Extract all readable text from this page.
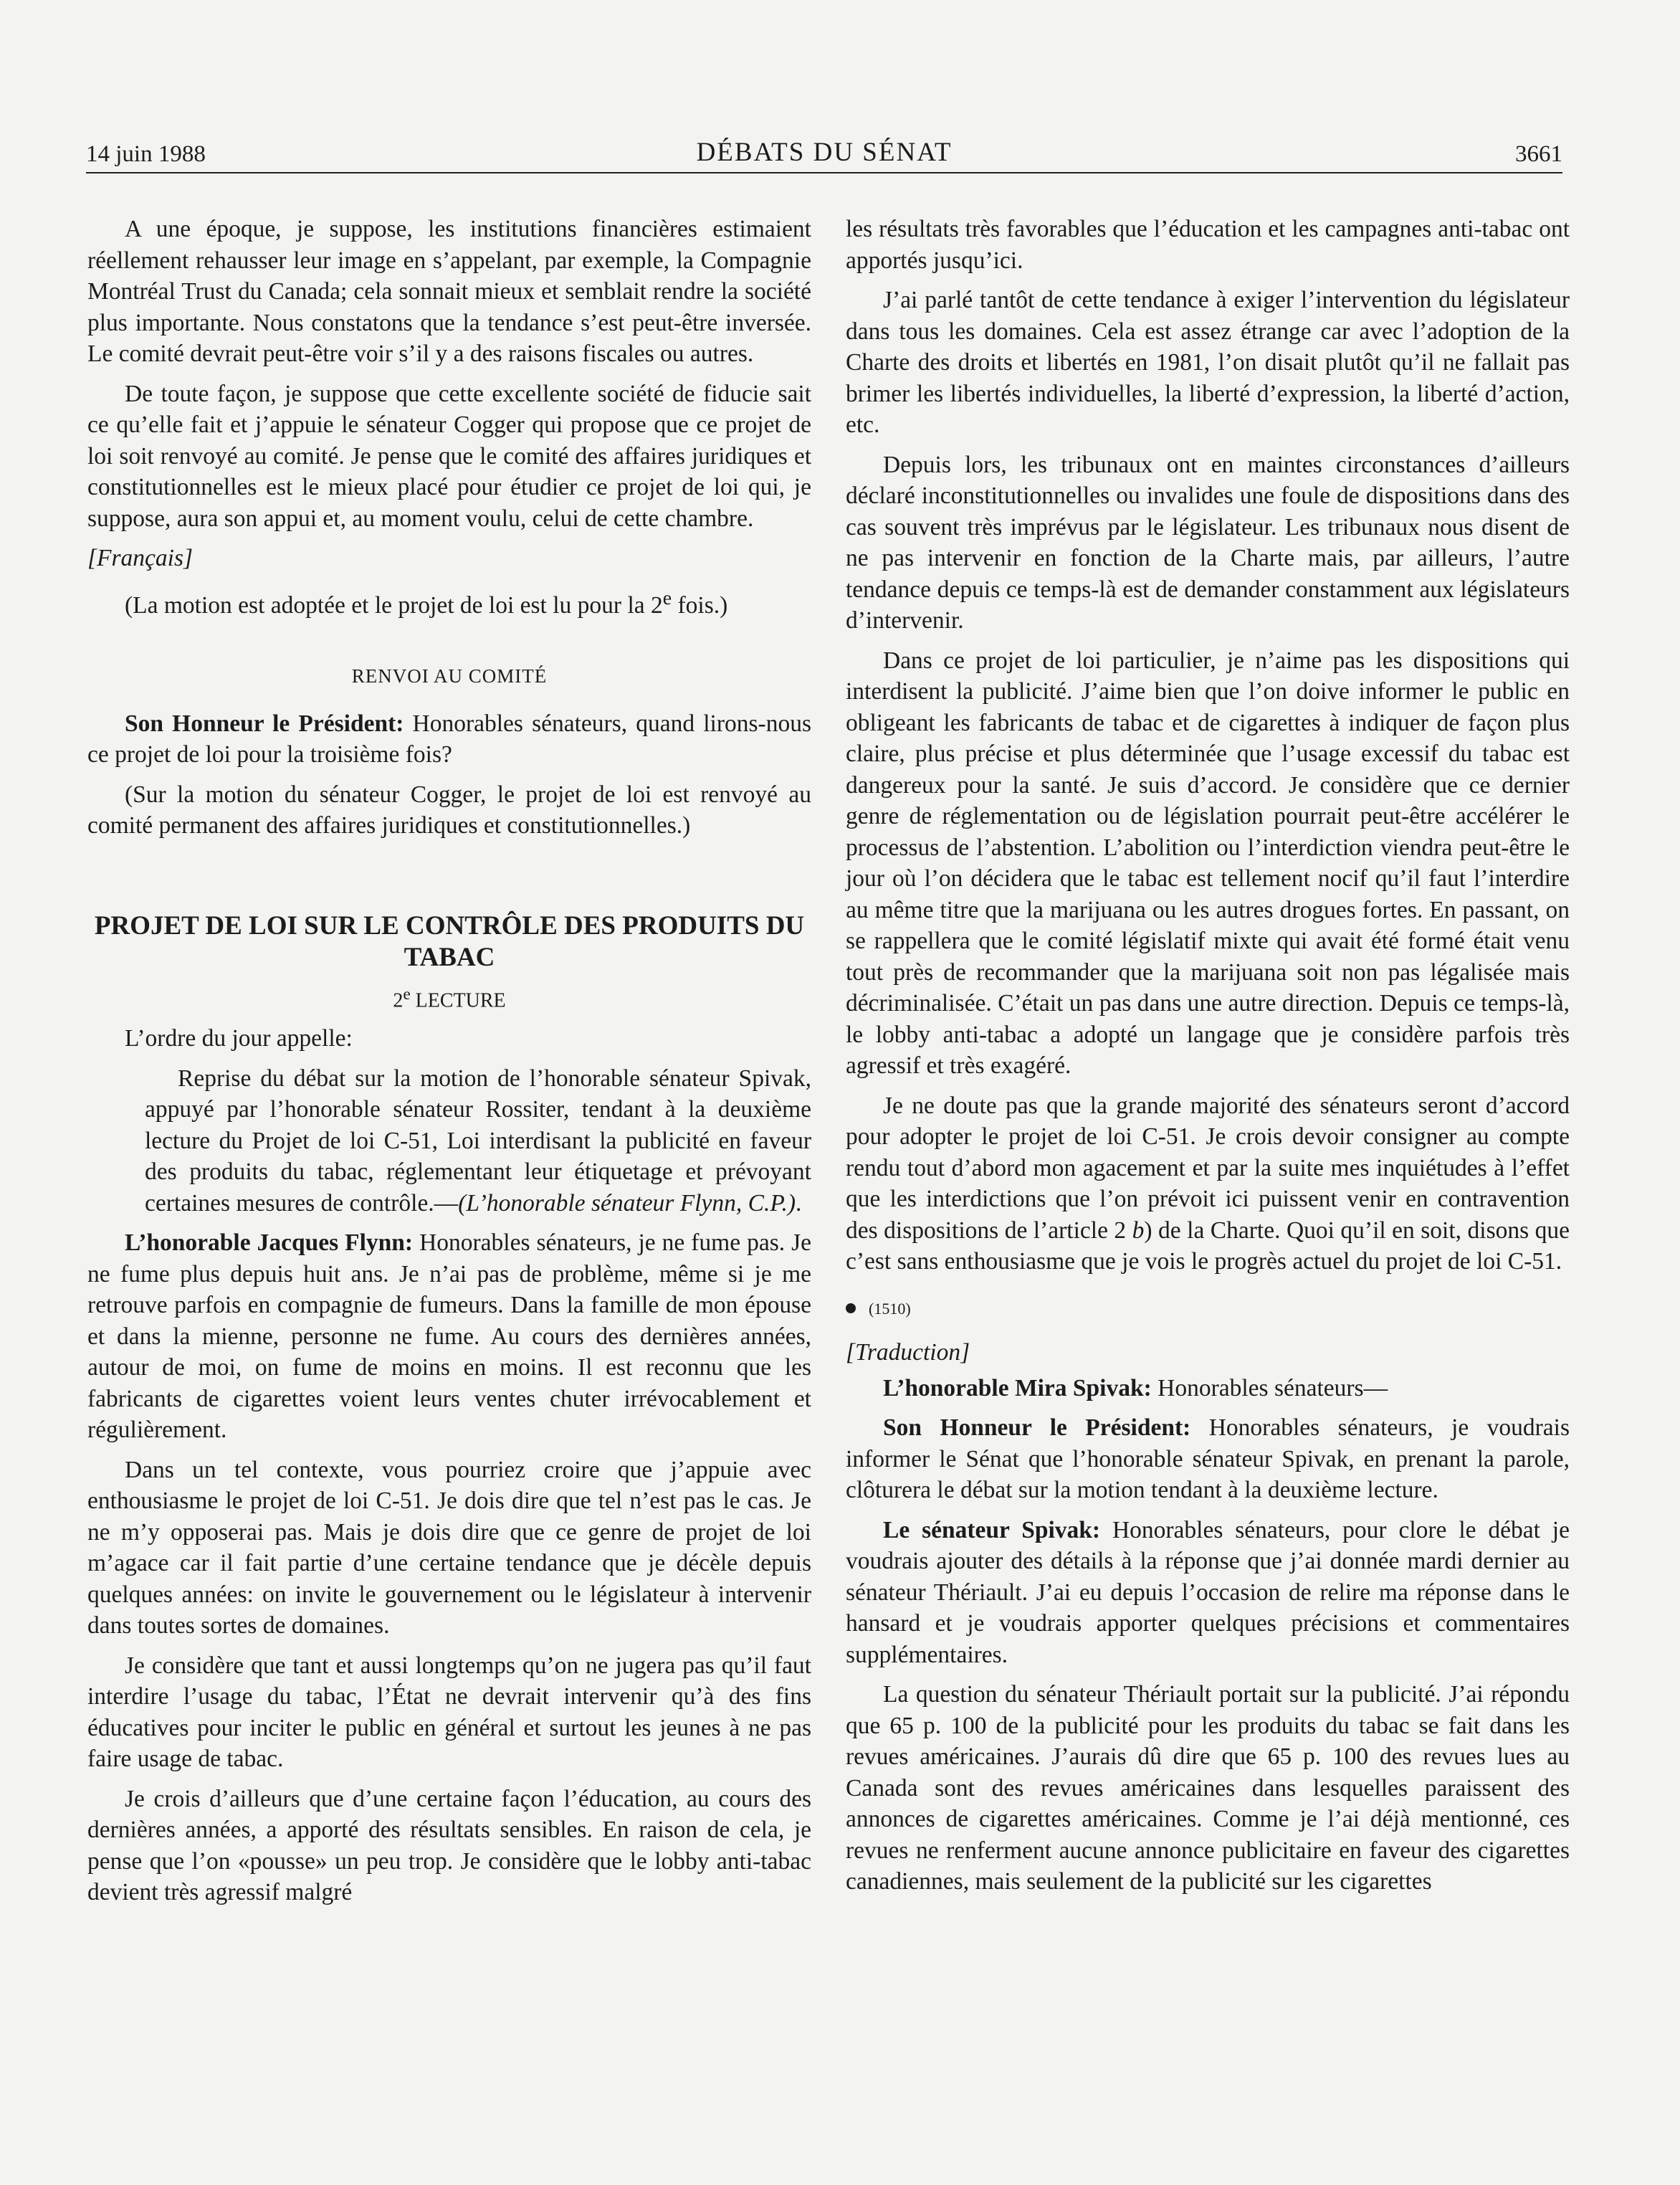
14 juin 1988	DÉBATS DU SÉNAT	3661

A une époque, je suppose, les institutions financières estimaient réellement rehausser leur image en s’appelant, par exemple, la Compagnie Montréal Trust du Canada; cela sonnait mieux et semblait rendre la société plus importante. Nous constatons que la tendance s’est peut-être inversée. Le comité devrait peut-être voir s’il y a des raisons fiscales ou autres.

De toute façon, je suppose que cette excellente société de fiducie sait ce qu’elle fait et j’appuie le sénateur Cogger qui propose que ce projet de loi soit renvoyé au comité. Je pense que le comité des affaires juridiques et constitutionnelles est le mieux placé pour étudier ce projet de loi qui, je suppose, aura son appui et, au moment voulu, celui de cette chambre.

[Français]

(La motion est adoptée et le projet de loi est lu pour la 2e fois.)

RENVOI AU COMITÉ

Son Honneur le Président: Honorables sénateurs, quand lirons-nous ce projet de loi pour la troisième fois?

(Sur la motion du sénateur Cogger, le projet de loi est renvoyé au comité permanent des affaires juridiques et constitutionnelles.)

PROJET DE LOI SUR LE CONTRÔLE DES PRODUITS DU TABAC
2e LECTURE

L’ordre du jour appelle:

Reprise du débat sur la motion de l’honorable sénateur Spivak, appuyé par l’honorable sénateur Rossiter, tendant à la deuxième lecture du Projet de loi C-51, Loi interdisant la publicité en faveur des produits du tabac, réglementant leur étiquetage et prévoyant certaines mesures de contrôle.—(L’honorable sénateur Flynn, C.P.).

L’honorable Jacques Flynn: Honorables sénateurs, je ne fume pas. Je ne fume plus depuis huit ans. Je n’ai pas de problème, même si je me retrouve parfois en compagnie de fumeurs. Dans la famille de mon épouse et dans la mienne, personne ne fume. Au cours des dernières années, autour de moi, on fume de moins en moins. Il est reconnu que les fabricants de cigarettes voient leurs ventes chuter irrévocablement et régulièrement.

Dans un tel contexte, vous pourriez croire que j’appuie avec enthousiasme le projet de loi C-51. Je dois dire que tel n’est pas le cas. Je ne m’y opposerai pas. Mais je dois dire que ce genre de projet de loi m’agace car il fait partie d’une certaine tendance que je décèle depuis quelques années: on invite le gouvernement ou le législateur à intervenir dans toutes sortes de domaines.

Je considère que tant et aussi longtemps qu’on ne jugera pas qu’il faut interdire l’usage du tabac, l’État ne devrait intervenir qu’à des fins éducatives pour inciter le public en général et surtout les jeunes à ne pas faire usage de tabac.

Je crois d’ailleurs que d’une certaine façon l’éducation, au cours des dernières années, a apporté des résultats sensibles. En raison de cela, je pense que l’on «pousse» un peu trop. Je considère que le lobby anti-tabac devient très agressif malgré

les résultats très favorables que l’éducation et les campagnes anti-tabac ont apportés jusqu’ici.

J’ai parlé tantôt de cette tendance à exiger l’intervention du législateur dans tous les domaines. Cela est assez étrange car avec l’adoption de la Charte des droits et libertés en 1981, l’on disait plutôt qu’il ne fallait pas brimer les libertés individuelles, la liberté d’expression, la liberté d’action, etc.

Depuis lors, les tribunaux ont en maintes circonstances d’ailleurs déclaré inconstitutionnelles ou invalides une foule de dispositions dans des cas souvent très imprévus par le législateur. Les tribunaux nous disent de ne pas intervenir en fonction de la Charte mais, par ailleurs, l’autre tendance depuis ce temps-là est de demander constamment aux législateurs d’intervenir.

Dans ce projet de loi particulier, je n’aime pas les dispositions qui interdisent la publicité. J’aime bien que l’on doive informer le public en obligeant les fabricants de tabac et de cigarettes à indiquer de façon plus claire, plus précise et plus déterminée que l’usage excessif du tabac est dangereux pour la santé. Je suis d’accord. Je considère que ce dernier genre de réglementation ou de législation pourrait peut-être accélérer le processus de l’abstention. L’abolition ou l’interdiction viendra peut-être le jour où l’on décidera que le tabac est tellement nocif qu’il faut l’interdire au même titre que la marijuana ou les autres drogues fortes. En passant, on se rappellera que le comité législatif mixte qui avait été formé était venu tout près de recommander que la marijuana soit non pas légalisée mais décriminalisée. C’était un pas dans une autre direction. Depuis ce temps-là, le lobby anti-tabac a adopté un langage que je considère parfois très agressif et très exagéré.

Je ne doute pas que la grande majorité des sénateurs seront d’accord pour adopter le projet de loi C-51. Je crois devoir consigner au compte rendu tout d’abord mon agacement et par la suite mes inquiétudes à l’effet que les interdictions que l’on prévoit ici puissent venir en contravention des dispositions de l’article 2 b) de la Charte. Quoi qu’il en soit, disons que c’est sans enthousiasme que je vois le progrès actuel du projet de loi C-51.

(1510)

[Traduction]

L’honorable Mira Spivak: Honorables sénateurs—

Son Honneur le Président: Honorables sénateurs, je voudrais informer le Sénat que l’honorable sénateur Spivak, en prenant la parole, clôturera le débat sur la motion tendant à la deuxième lecture.

Le sénateur Spivak: Honorables sénateurs, pour clore le débat je voudrais ajouter des détails à la réponse que j’ai donnée mardi dernier au sénateur Thériault. J’ai eu depuis l’occasion de relire ma réponse dans le hansard et je voudrais apporter quelques précisions et commentaires supplémentaires.

La question du sénateur Thériault portait sur la publicité. J’ai répondu que 65 p. 100 de la publicité pour les produits du tabac se fait dans les revues américaines. J’aurais dû dire que 65 p. 100 des revues lues au Canada sont des revues américaines dans lesquelles paraissent des annonces de cigarettes américaines. Comme je l’ai déjà mentionné, ces revues ne renferment aucune annonce publicitaire en faveur des cigarettes canadiennes, mais seulement de la publicité sur les cigarettes
